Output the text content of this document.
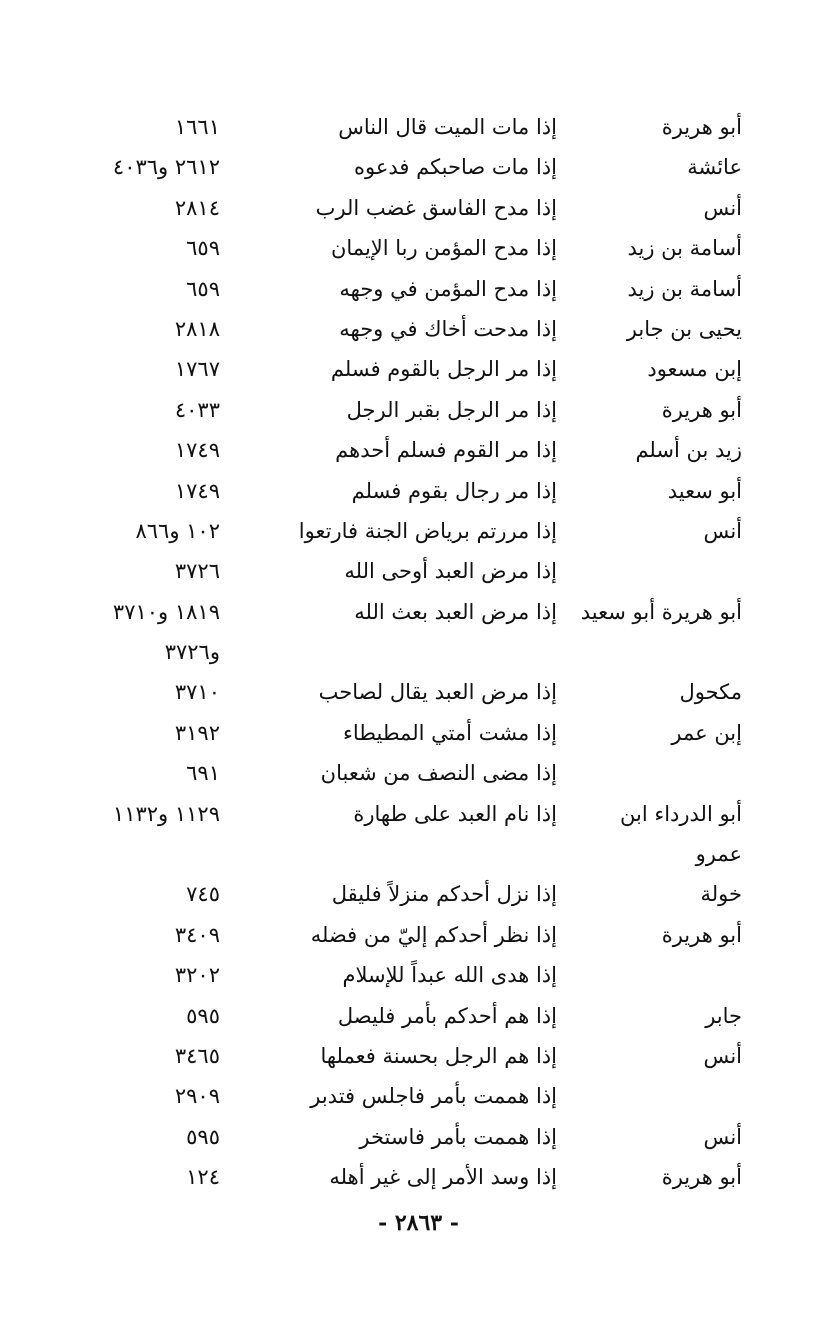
أبو هريرة
إذا مات الميت قال الناس
١٦٦١
عائشة
إذا مات صاحبكم فدعوه
٢٦١٢ و٤٠٣٦
أنس
إذا مدح الفاسق غضب الرب
٢٨١٤
أسامة بن زيد
إذا مدح المؤمن ربا الإيمان
٦٥٩
أسامة بن زيد
إذا مدح المؤمن في وجهه
٦٥٩
يحيى بن جابر
إذا مدحت أخاك في وجهه
٢٨١٨
إبن مسعود
إذا مر الرجل بالقوم فسلم
١٧٦٧
أبو هريرة
إذا مر الرجل بقبر الرجل
٤٠٣٣
زيد بن أسلم
إذا مر القوم فسلم أحدهم
١٧٤٩
أبو سعيد
إذا مر رجال بقوم فسلم
١٧٤٩
أنس
إذا مررتم برياض الجنة فارتعوا
١٠٢ و٨٦٦
إذا مرض العبد أوحى الله
٣٧٢٦
أبو هريرة أبو سعيد
إذا مرض العبد بعث الله
١٨١٩ و٣٧١٠
و٣٧٢٦
مكحول
إذا مرض العبد يقال لصاحب
٣٧١٠
إبن عمر
إذا مشت أمتي المطيطاء
٣١٩٢
إذا مضى النصف من شعبان
٦٩١
أبو الدرداء ابن
إذا نام العبد على طهارة
١١٢٩ و١١٣٢
عمرو
خولة
إذا نزل أحدكم منزلاً فليقل
٧٤٥
أبو هريرة
إذا نظر أحدكم إليّ من فضله
٣٤٠٩
إذا هدى الله عبداً للإسلام
٣٢٠٢
جابر
إذا هم أحدكم بأمر فليصل
٥٩٥
أنس
إذا هم الرجل بحسنة فعملها
٣٤٦٥
إذا هممت بأمر فاجلس فتدبر
٢٩٠٩
أنس
إذا هممت بأمر فاستخر
٥٩٥
أبو هريرة
إذا وسد الأمر إلى غير أهله
١٢٤
- ٢٨٦٣ -
